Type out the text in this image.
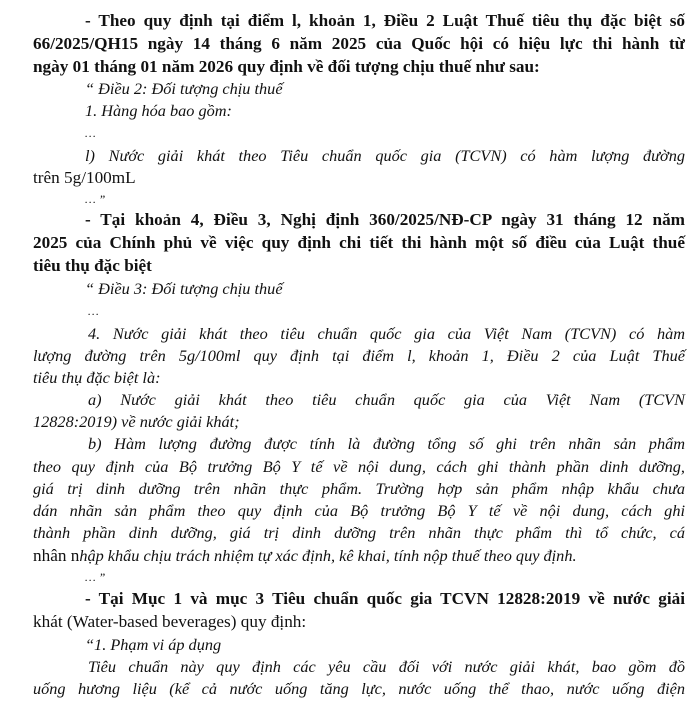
- Theo quy định tại điểm l, khoản 1, Điều 2 Luật Thuế tiêu thụ đặc biệt số

66/2025/QH15 ngày 14 tháng 6 năm 2025 của Quốc hội có hiệu lực thi hành từ

ngày 01 tháng 01 năm 2026 quy định về đối tượng chịu thuế như sau:

“ Điều 2: Đối tượng chịu thuế

1. Hàng hóa bao gồm:

…

l) Nước giải khát theo Tiêu chuẩn quốc gia (TCVN) có hàm lượng đường

trên 5g/100mL

… ”

- Tại khoản 4, Điều 3, Nghị định 360/2025/NĐ-CP ngày 31 tháng 12 năm

2025 của Chính phủ về việc quy định chi tiết thi hành một số điều của Luật thuế

tiêu thụ đặc biệt

“ Điều 3: Đối tượng chịu thuế

…

4. Nước giải khát theo tiêu chuẩn quốc gia của Việt Nam (TCVN) có hàm

lượng đường trên 5g/100ml quy định tại điểm l, khoản 1, Điều 2 của Luật Thuế

tiêu thụ đặc biệt là:

a) Nước giải khát theo tiêu chuẩn quốc gia của Việt Nam (TCVN

12828:2019) về nước giải khát;

b) Hàm lượng đường được tính là đường tổng số ghi trên nhãn sản phẩm

theo quy định của Bộ trưởng Bộ Y tế về nội dung, cách ghi thành phần dinh dưỡng,

giá trị dinh dưỡng trên nhãn thực phẩm. Trường hợp sản phẩm nhập khẩu chưa

dán nhãn sản phẩm theo quy định của Bộ trưởng Bộ Y tế về nội dung, cách ghi

thành phần dinh dưỡng, giá trị dinh dưỡng trên nhãn thực phẩm thì tổ chức, cá

nhân nhập khẩu chịu trách nhiệm tự xác định, kê khai, tính nộp thuế theo quy định.

… ”

- Tại Mục 1 và mục 3 Tiêu chuẩn quốc gia TCVN 12828:2019 về nước giải

khát (Water-based beverages) quy định:

“1. Phạm vi áp dụng

Tiêu chuẩn này quy định các yêu cầu đối với nước giải khát, bao gồm đồ

uống hương liệu (kể cả nước uống tăng lực, nước uống thể thao, nước uống điện
